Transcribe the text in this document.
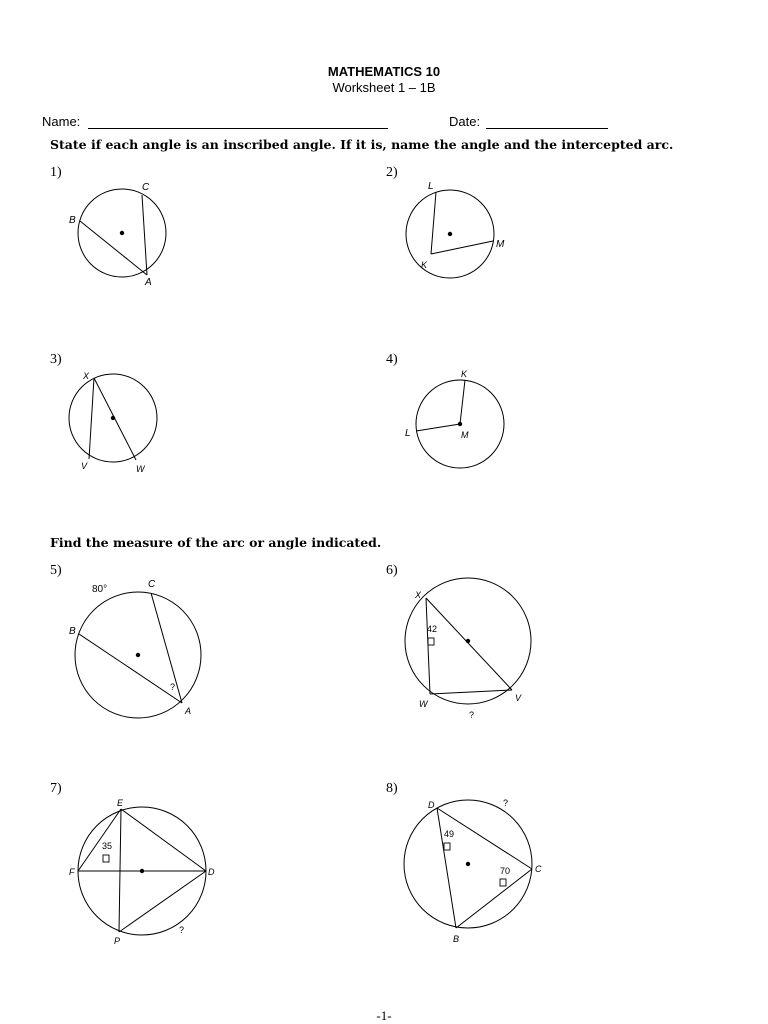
MATHEMATICS 10
Worksheet 1 – 1B
Name:	Date:
State if each angle is an inscribed angle. If it is, name the angle and the intercepted arc.
Find the measure of the arc or angle indicated.
1)	2)
3)	4)
5)	6)
7)	8)
C
B
A
L
M
K
X
V	W
K
L	M
80°	C
B
?
A
X
42
W
V
?
E
F	D
P
35
?
D	?
49
70	C
B
-1-
